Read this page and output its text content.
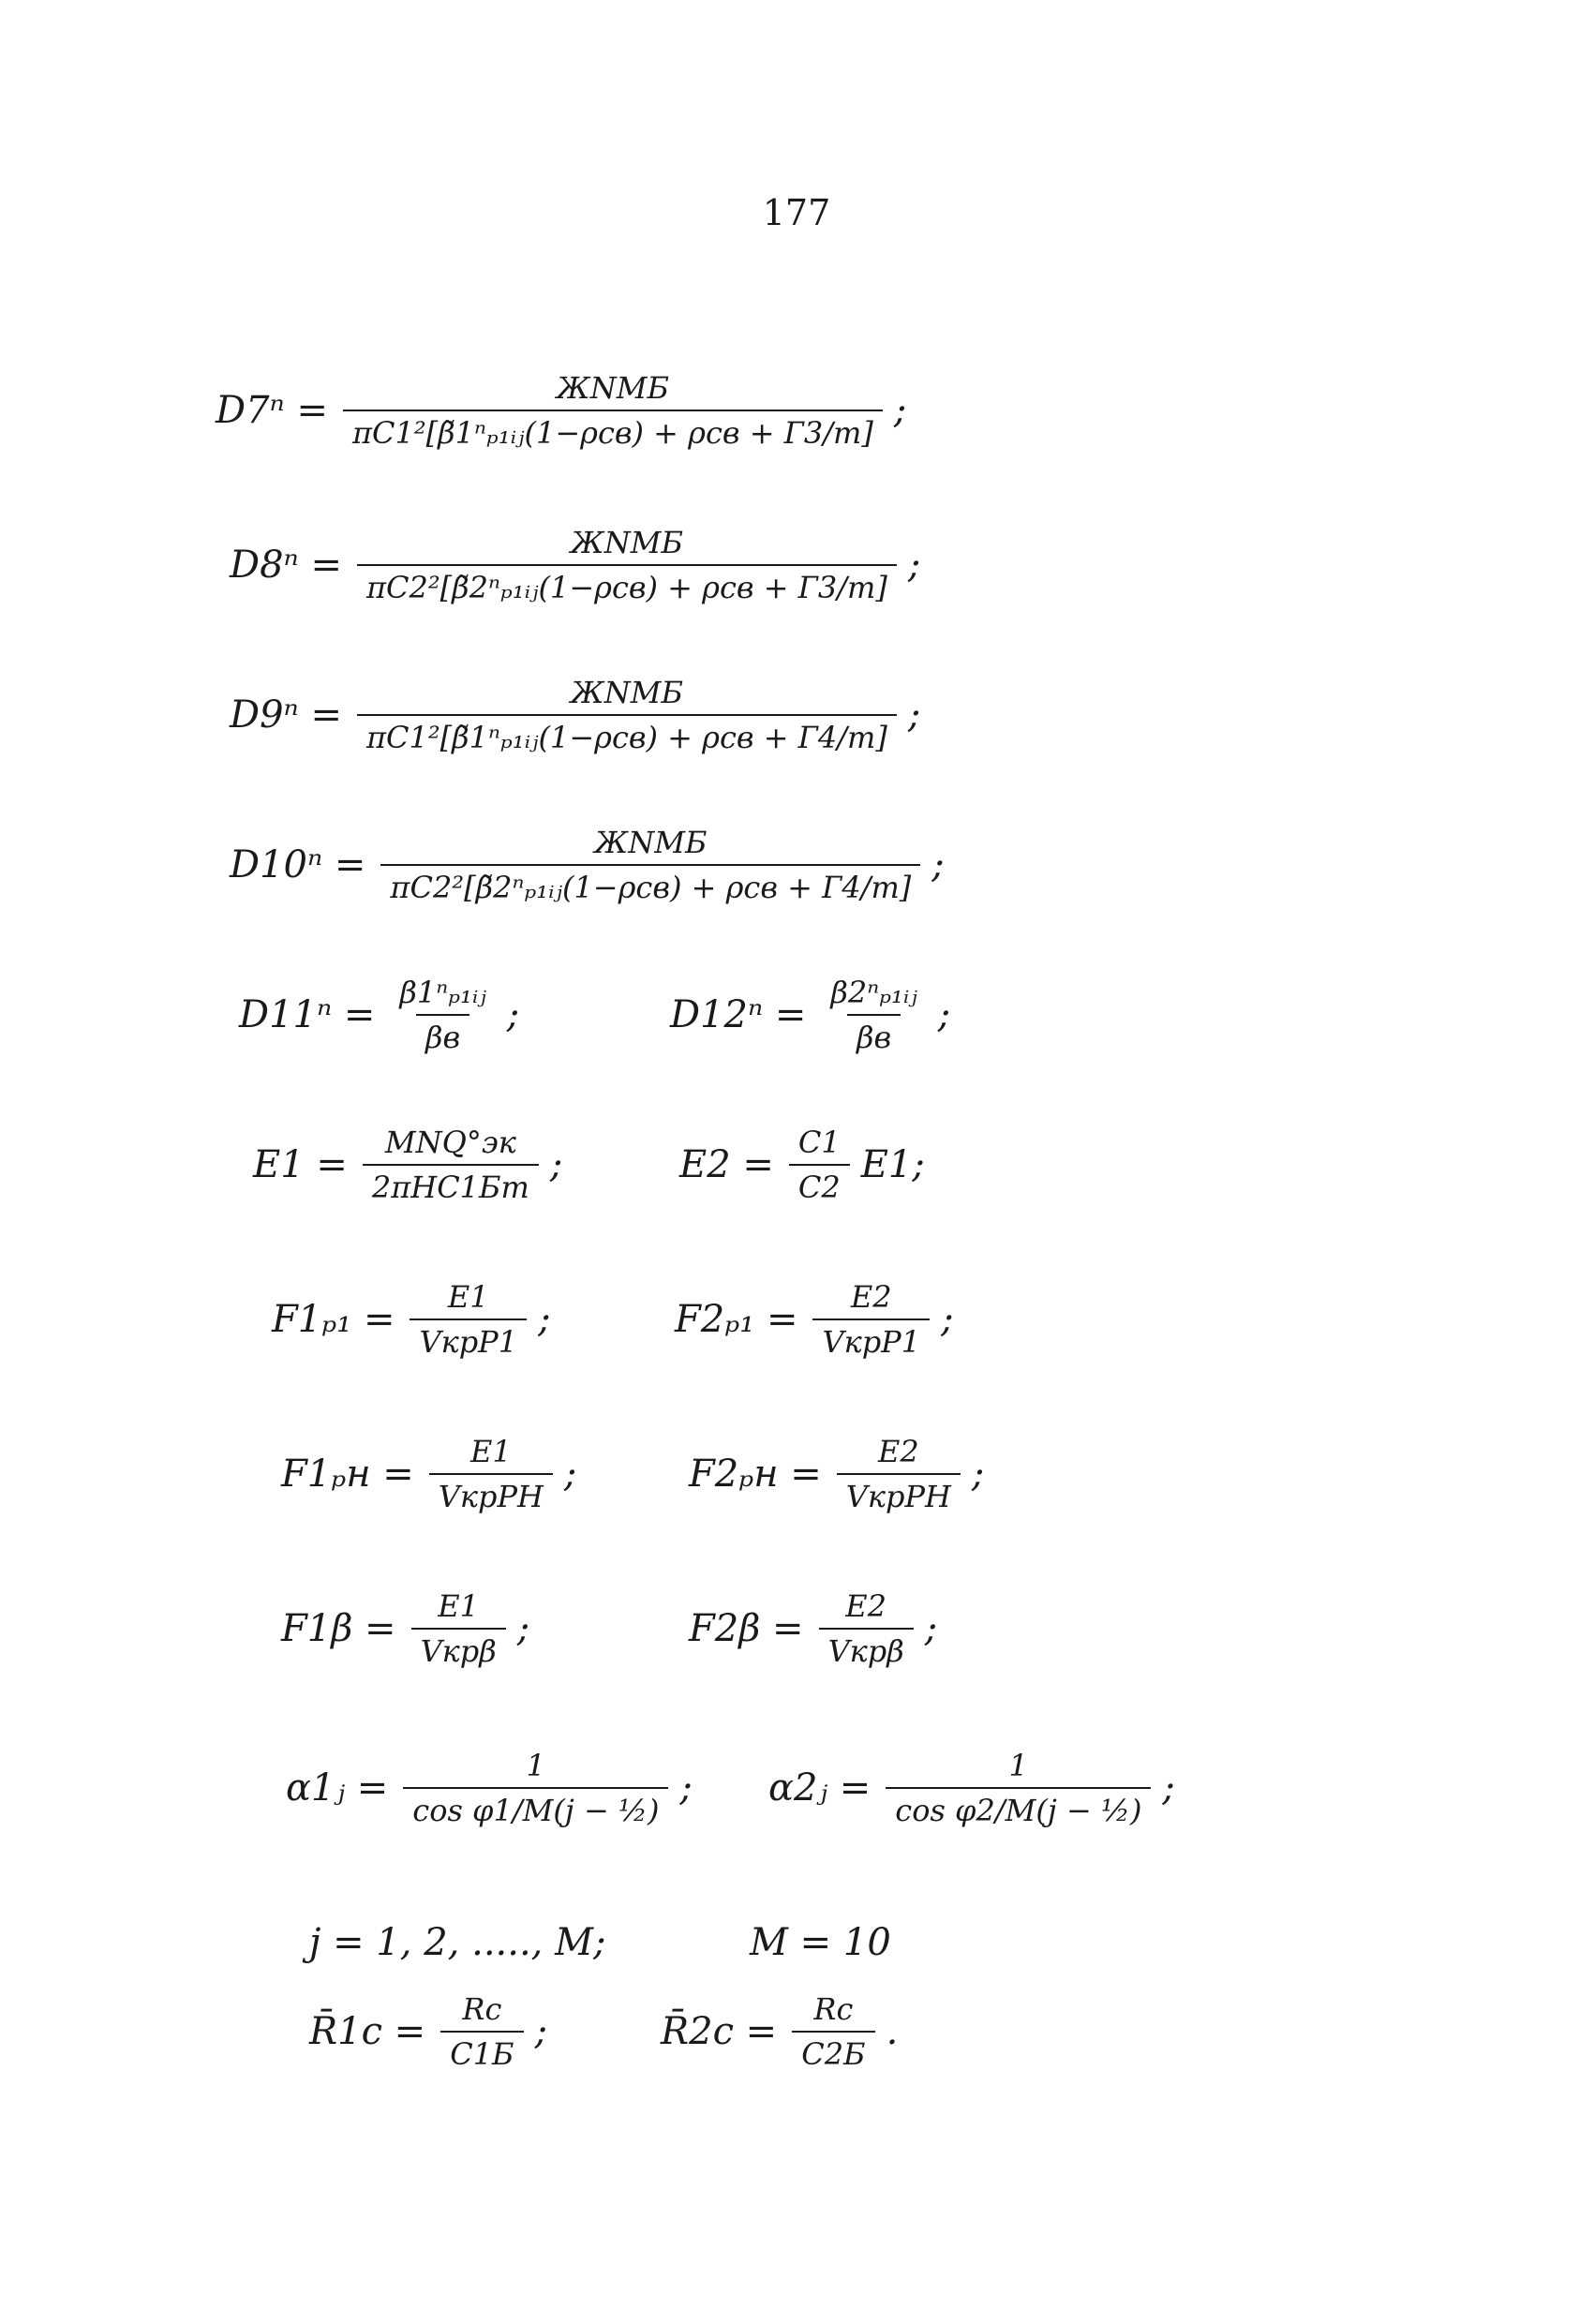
177
$D7^n = \frac{\text{ЖNMБ}}{\text{πC1²[β̃1ⁿₚ₁ᵢⱼ(1−ρcв) + ρcв + Г3/m]}}$ ;
$D8^n = \frac{\text{ЖNMБ}}{\text{πC2²[β̃2ⁿₚ₁ᵢⱼ(1−ρcв) + ρcв + Г3/m]}}$ ;
$D9^n = \frac{\text{ЖNMБ}}{\text{πC1²[β̃1ⁿₚ₁ᵢⱼ(1−ρcв) + ρcв + Г4/m]}}$ ;
$D10^n = \frac{\text{ЖNMБ}}{\text{πC2²[β̃2ⁿₚ₁ᵢⱼ(1−ρcв) + ρcв + Г4/m]}}$ ;
$D11^n = \frac{\text{β1ⁿₚ₁ᵢⱼ}}{\beta в}$ ;	$D12^n = \frac{\text{β2ⁿₚ₁ᵢⱼ}}{\beta в}$ ;
$E1 = \frac{\text{MNQ°эк}}{\text{2πHC1Бm}}$ ;	$E2 = \frac{C1}{C2} E1$;
$F1_{p1} = \frac{E1}{\text{VкрР1}}$ ;	$F2_{p1} = \frac{E2}{\text{VкрР1}}$ ;
$F1_pн = \frac{E1}{\text{VкрРН}}$ ;	$F2_pн = \frac{E2}{\text{VкрРН}}$ ;
$F1\beta = \frac{E1}{\text{Vкрβ}}$ ;	$F2\beta = \frac{E2}{\text{Vкрβ}}$ ;
α1ⱼ = $\frac{1}{\text{cos φ1/M(j − ½)}}$ ; α2ⱼ = $\frac{1}{\text{cos φ2/M(j − ½)}}$ ;
j = 1, 2, ....., M;	M = 10
R̄1c = $\frac{Rc}{C1Б}$ ;	R̄2c = $\frac{Rc}{C2Б}$ .
